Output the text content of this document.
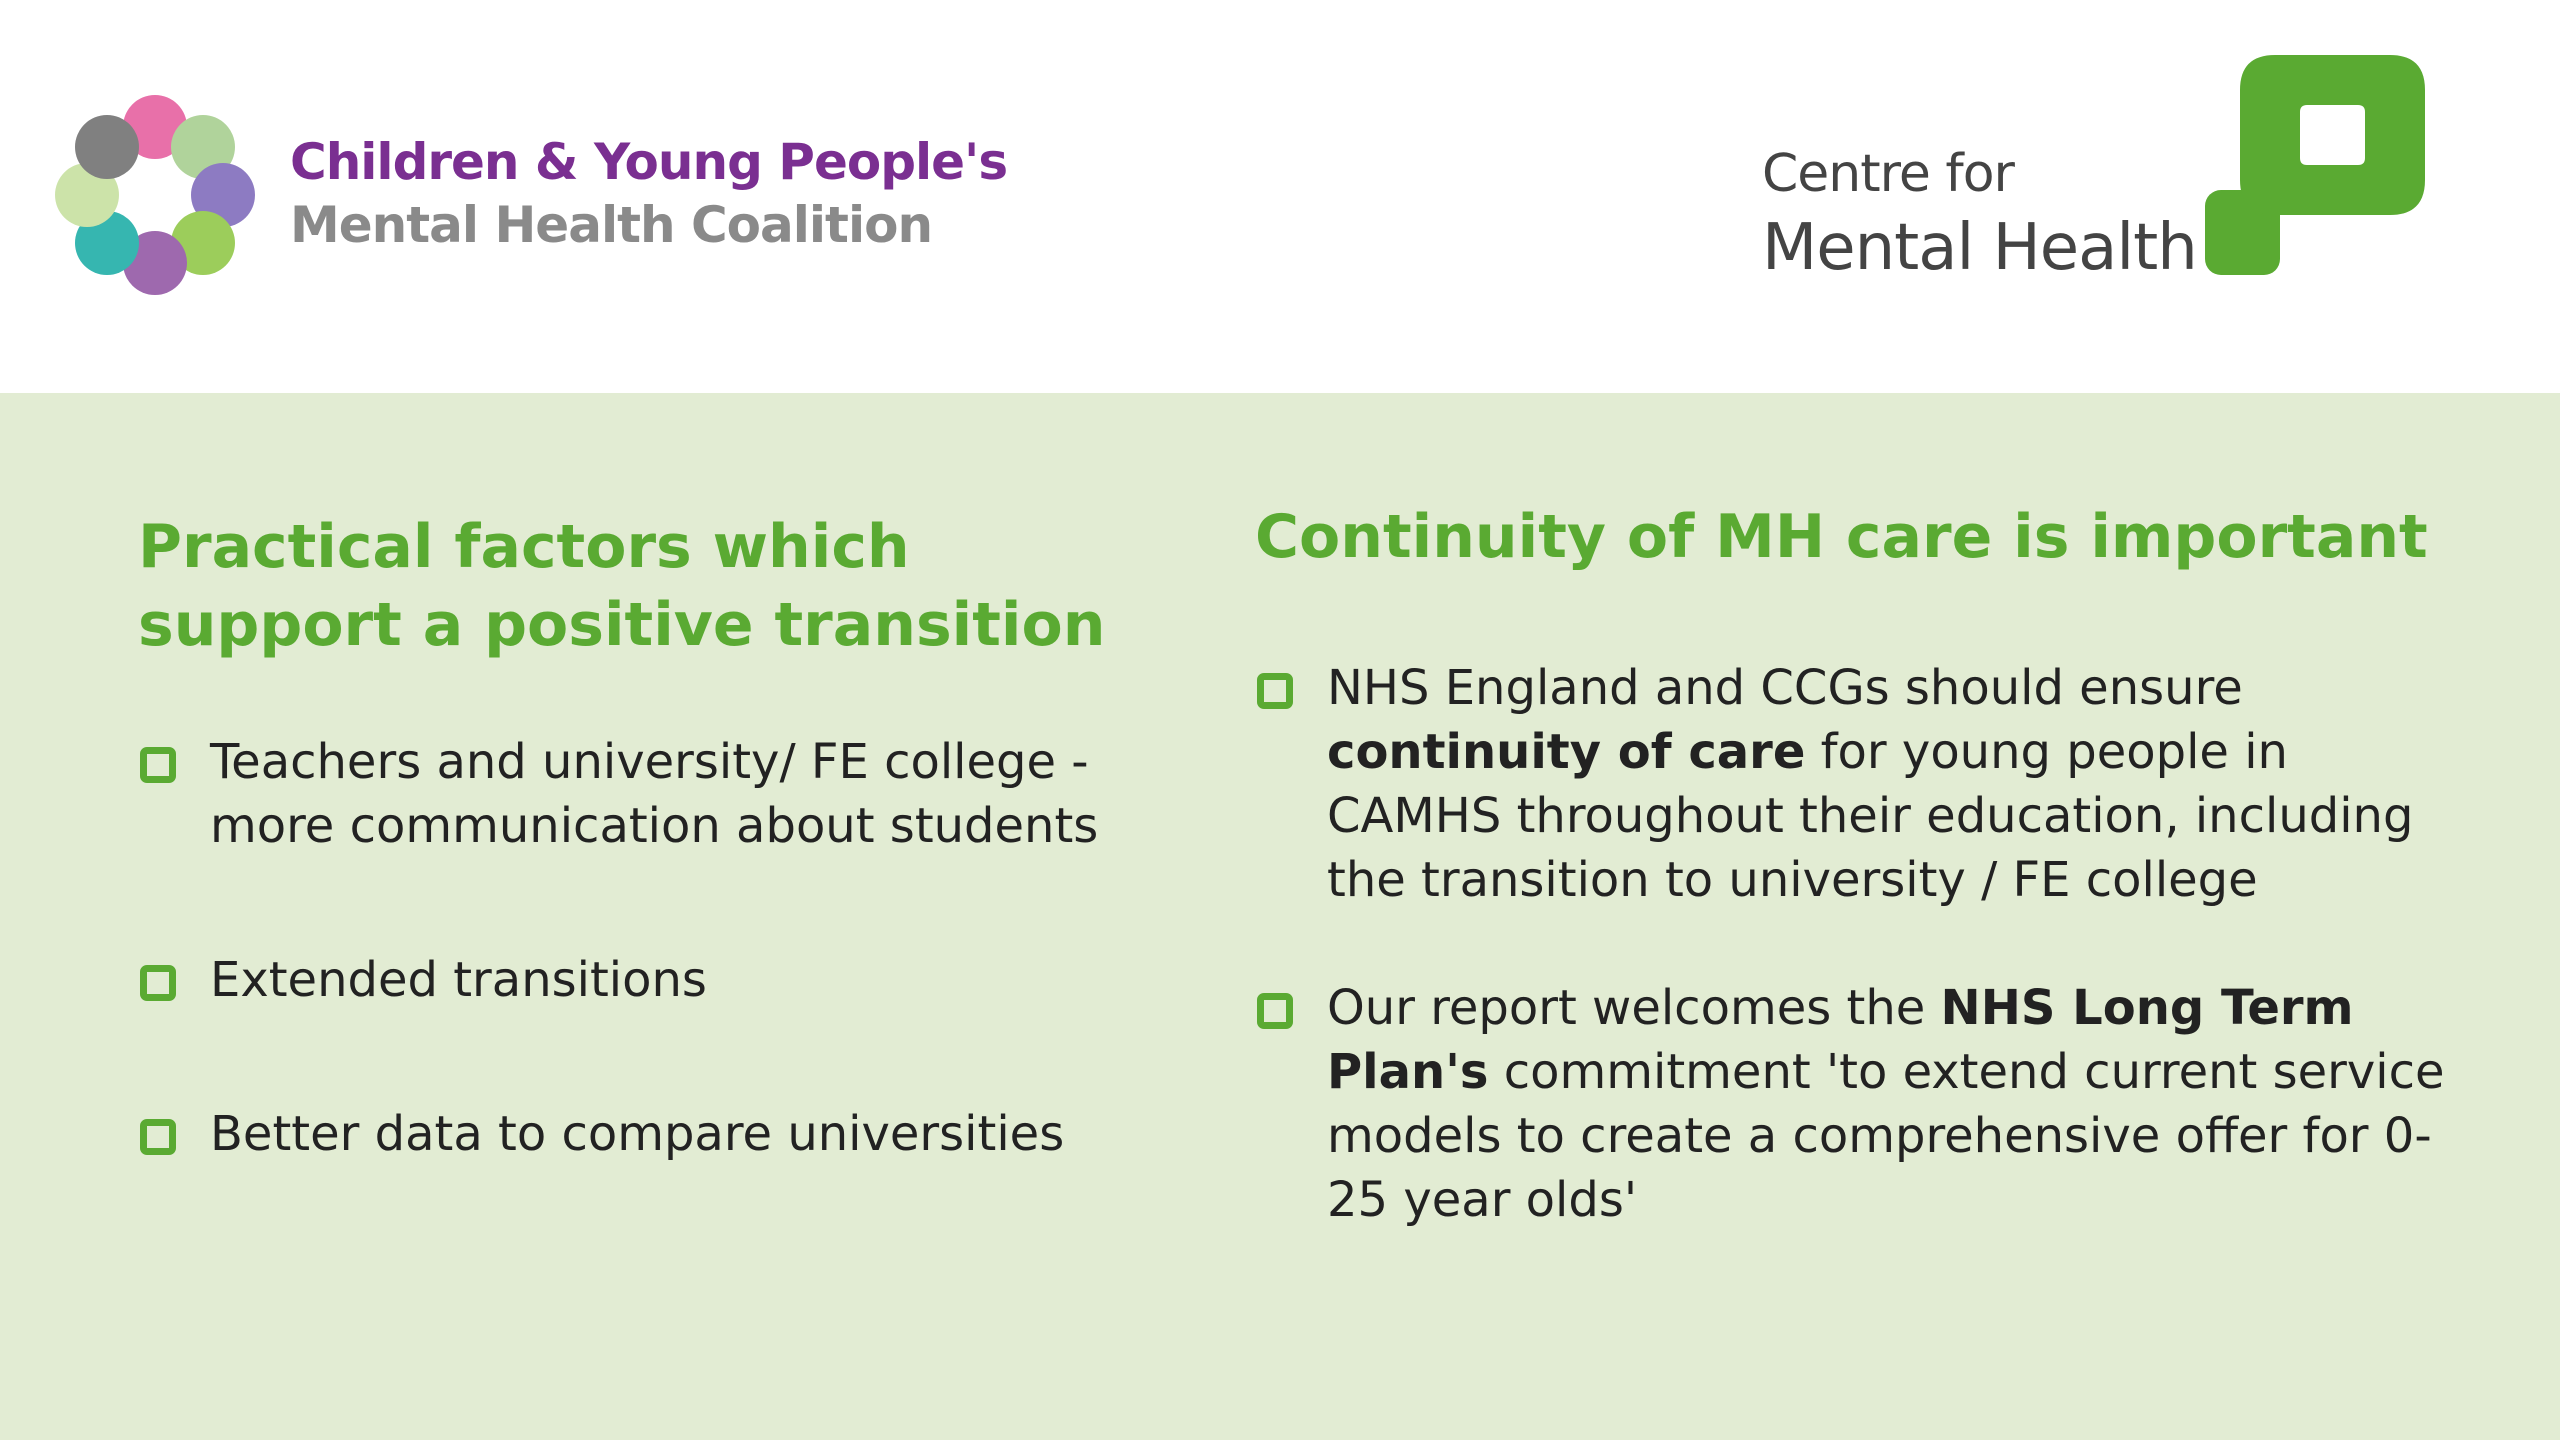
Children & Young People's
Mental Health Coalition
Centre for
Mental Health
Practical factors which support a positive transition
Teachers and university/ FE college - more communication about students
Extended transitions
Better data to compare universities
Continuity of MH care is important
NHS England and CCGs should ensure continuity of care for young people in CAMHS throughout their education, including the transition to university / FE college
Our report welcomes the NHS Long Term Plan's commitment 'to extend current service models to create a comprehensive offer for 0-25 year olds'
